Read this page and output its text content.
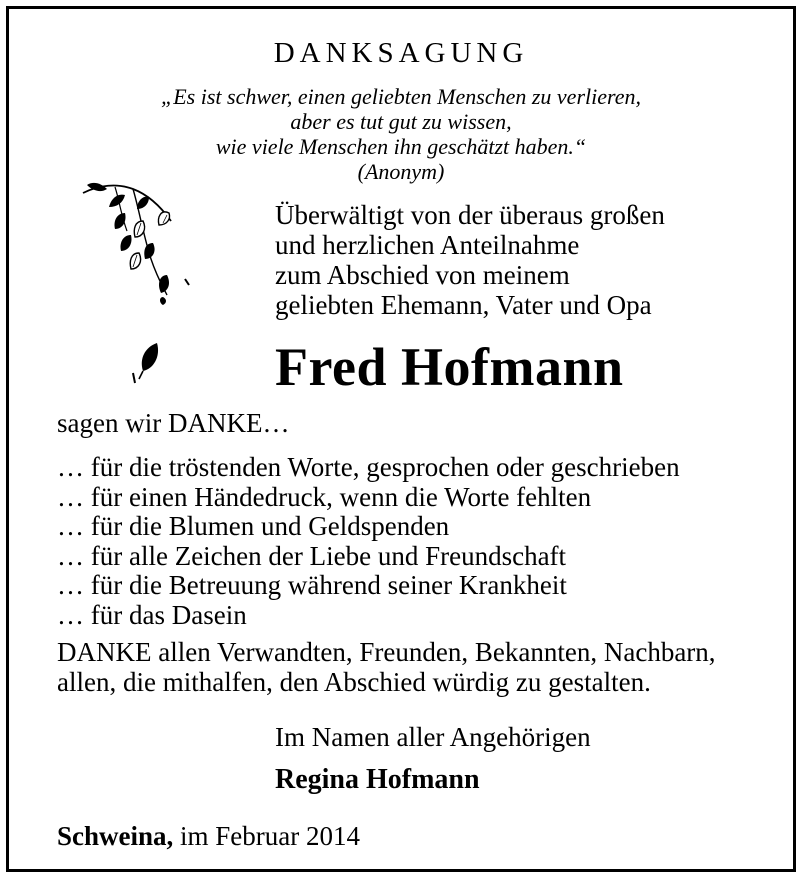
DANKSAGUNG
„Es ist schwer, einen geliebten Menschen zu verlieren,
aber es tut gut zu wissen,
wie viele Menschen ihn geschätzt haben.“
(Anonym)
Überwältigt von der überaus großen
und herzlichen Anteilnahme
zum Abschied von meinem
geliebten Ehemann, Vater und Opa
Fred Hofmann
sagen wir DANKE…
… für die tröstenden Worte, gesprochen oder geschrieben
… für einen Händedruck, wenn die Worte fehlten
… für die Blumen und Geldspenden
… für alle Zeichen der Liebe und Freundschaft
… für die Betreuung während seiner Krankheit
… für das Dasein
DANKE allen Verwandten, Freunden, Bekannten, Nachbarn,
allen, die mithalfen, den Abschied würdig zu gestalten.
Im Namen aller Angehörigen
Regina Hofmann
Schweina, im Februar 2014
